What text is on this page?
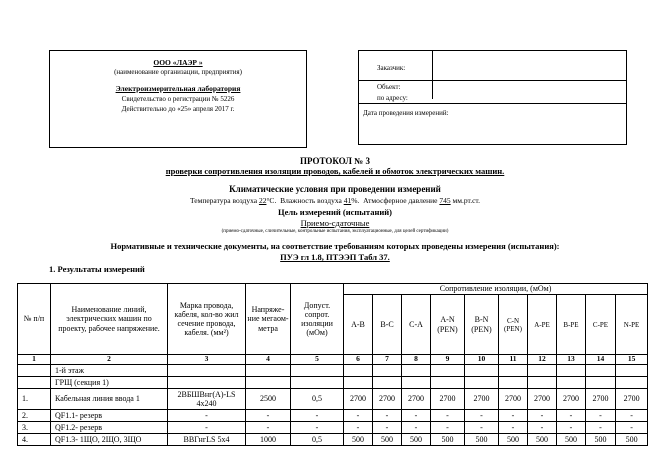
ООО «ЛАЭР »
(наименование организации, предприятия)
Электроизмерительная лаборатория
Свидетельство о регистрации № 5226
Действительно до «25» апреля 2017 г.
Заказчик:
Объект:
по адресу:
Дата проведения измерений:
ПРОТОКОЛ № 3
проверки сопротивления изоляции проводов, кабелей и обмоток электрических машин.
Климатические условия при проведении измерений
Температура воздуха 22°С. Влажность воздуха 41%. Атмосферное давление 745 мм.рт.ст.
Цель измерений (испытаний)
Приемо-сдаточные
(приемо-сдаточные, сличительные, контрольные испытания, эксплуатационные, для целей сертификации)
Нормативные и технические документы, на соответствие требованиям которых проведены измерения (испытания):
ПУЭ гл 1.8, ПТЭЭП Табл 37.
1. Результаты измерений
№ п/п	Наименование линий, электрических машин по проекту, рабочее напряжение.	Марка провода, кабеля, кол-во жил сечение провода, кабеля. (мм²)	Напряже-ние мегаом-метра	Допуст. сопрот. изоляции (мОм)	Сопротивление изоляции, (мОм)									
					A-B	B-C	C-A	A-N (PEN)	B-N (PEN)	C-N (PEN)	A-PE	B-PE	C-PE	N-PE
1	2	3	4	5	6	7	8	9	10	11	12	13	14	15
	1-й этаж													
	ГРЩ (секция 1)													
1.	Кабельная линия ввода 1	2ВБШВнг(А)-LS 4х240	2500	0,5	2700	2700	2700	2700	2700	2700	2700	2700	2700	2700
2.	QF1.1- резерв	-	-	-	-	-	-	-	-	-	-	-	-	-
3.	QF1.2- резерв	-	-	-	-	-	-	-	-	-	-	-	-	-
4.	QF1.3- 1ЩО, 2ЩО, 3ЩО	ВВГнгLS 5х4	1000	0,5	500	500	500	500	500	500	500	500	500	500
